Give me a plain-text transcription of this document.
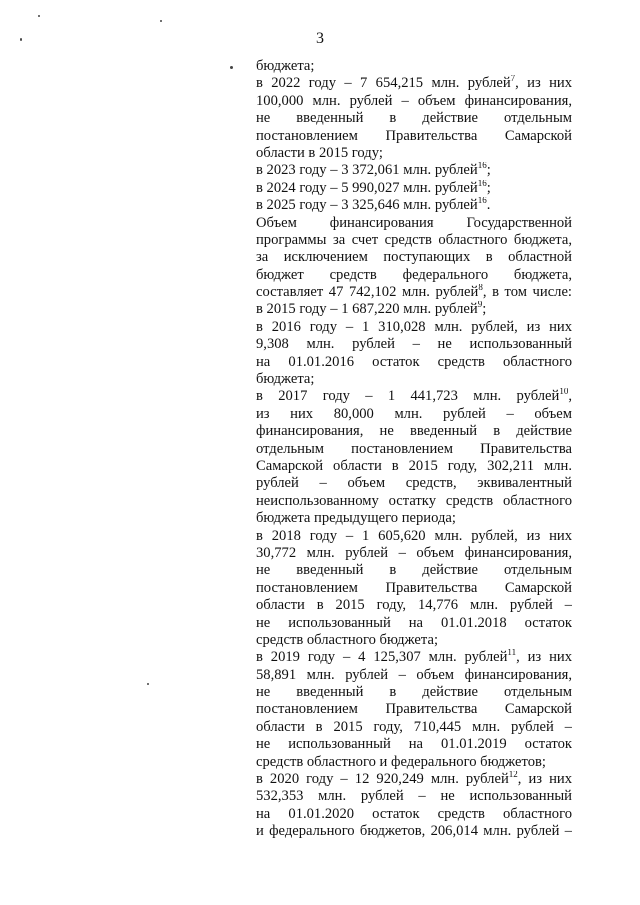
3
бюджета;
в 2022 году – 7 654,215 млн. рублей$^7$, из них
100,000 млн. рублей – объем финансирования,
не введенный в действие отдельным
постановлением Правительства Самарской
области в 2015 году;
в 2023 году – 3 372,061 млн. рублей$^{16}$;
в 2024 году – 5 990,027 млн. рублей$^{16}$;
в 2025 году – 3 325,646 млн. рублей$^{16}$.
Объем финансирования Государственной
программы за счет средств областного бюджета,
за исключением поступающих в областной
бюджет средств федерального бюджета,
составляет 47 742,102 млн. рублей$^8$, в том числе:
в 2015 году – 1 687,220 млн. рублей$^9$;
в 2016 году – 1 310,028 млн. рублей, из них
9,308 млн. рублей – не использованный
на 01.01.2016 остаток средств областного
бюджета;
в 2017 году – 1 441,723 млн. рублей$^{10}$,
из них 80,000 млн. рублей – объем
финансирования, не введенный в действие
отдельным постановлением Правительства
Самарской области в 2015 году, 302,211 млн.
рублей – объем средств, эквивалентный
неиспользованному остатку средств областного
бюджета предыдущего периода;
в 2018 году – 1 605,620 млн. рублей, из них
30,772 млн. рублей – объем финансирования,
не введенный в действие отдельным
постановлением Правительства Самарской
области в 2015 году, 14,776 млн. рублей –
не использованный на 01.01.2018 остаток
средств областного бюджета;
в 2019 году – 4 125,307 млн. рублей$^{11}$, из них
58,891 млн. рублей – объем финансирования,
не введенный в действие отдельным
постановлением Правительства Самарской
области в 2015 году, 710,445 млн. рублей –
не использованный на 01.01.2019 остаток
средств областного и федерального бюджетов;
в 2020 году – 12 920,249 млн. рублей$^{12}$, из них
532,353 млн. рублей – не использованный
на 01.01.2020 остаток средств областного
и федерального бюджетов, 206,014 млн. рублей –
